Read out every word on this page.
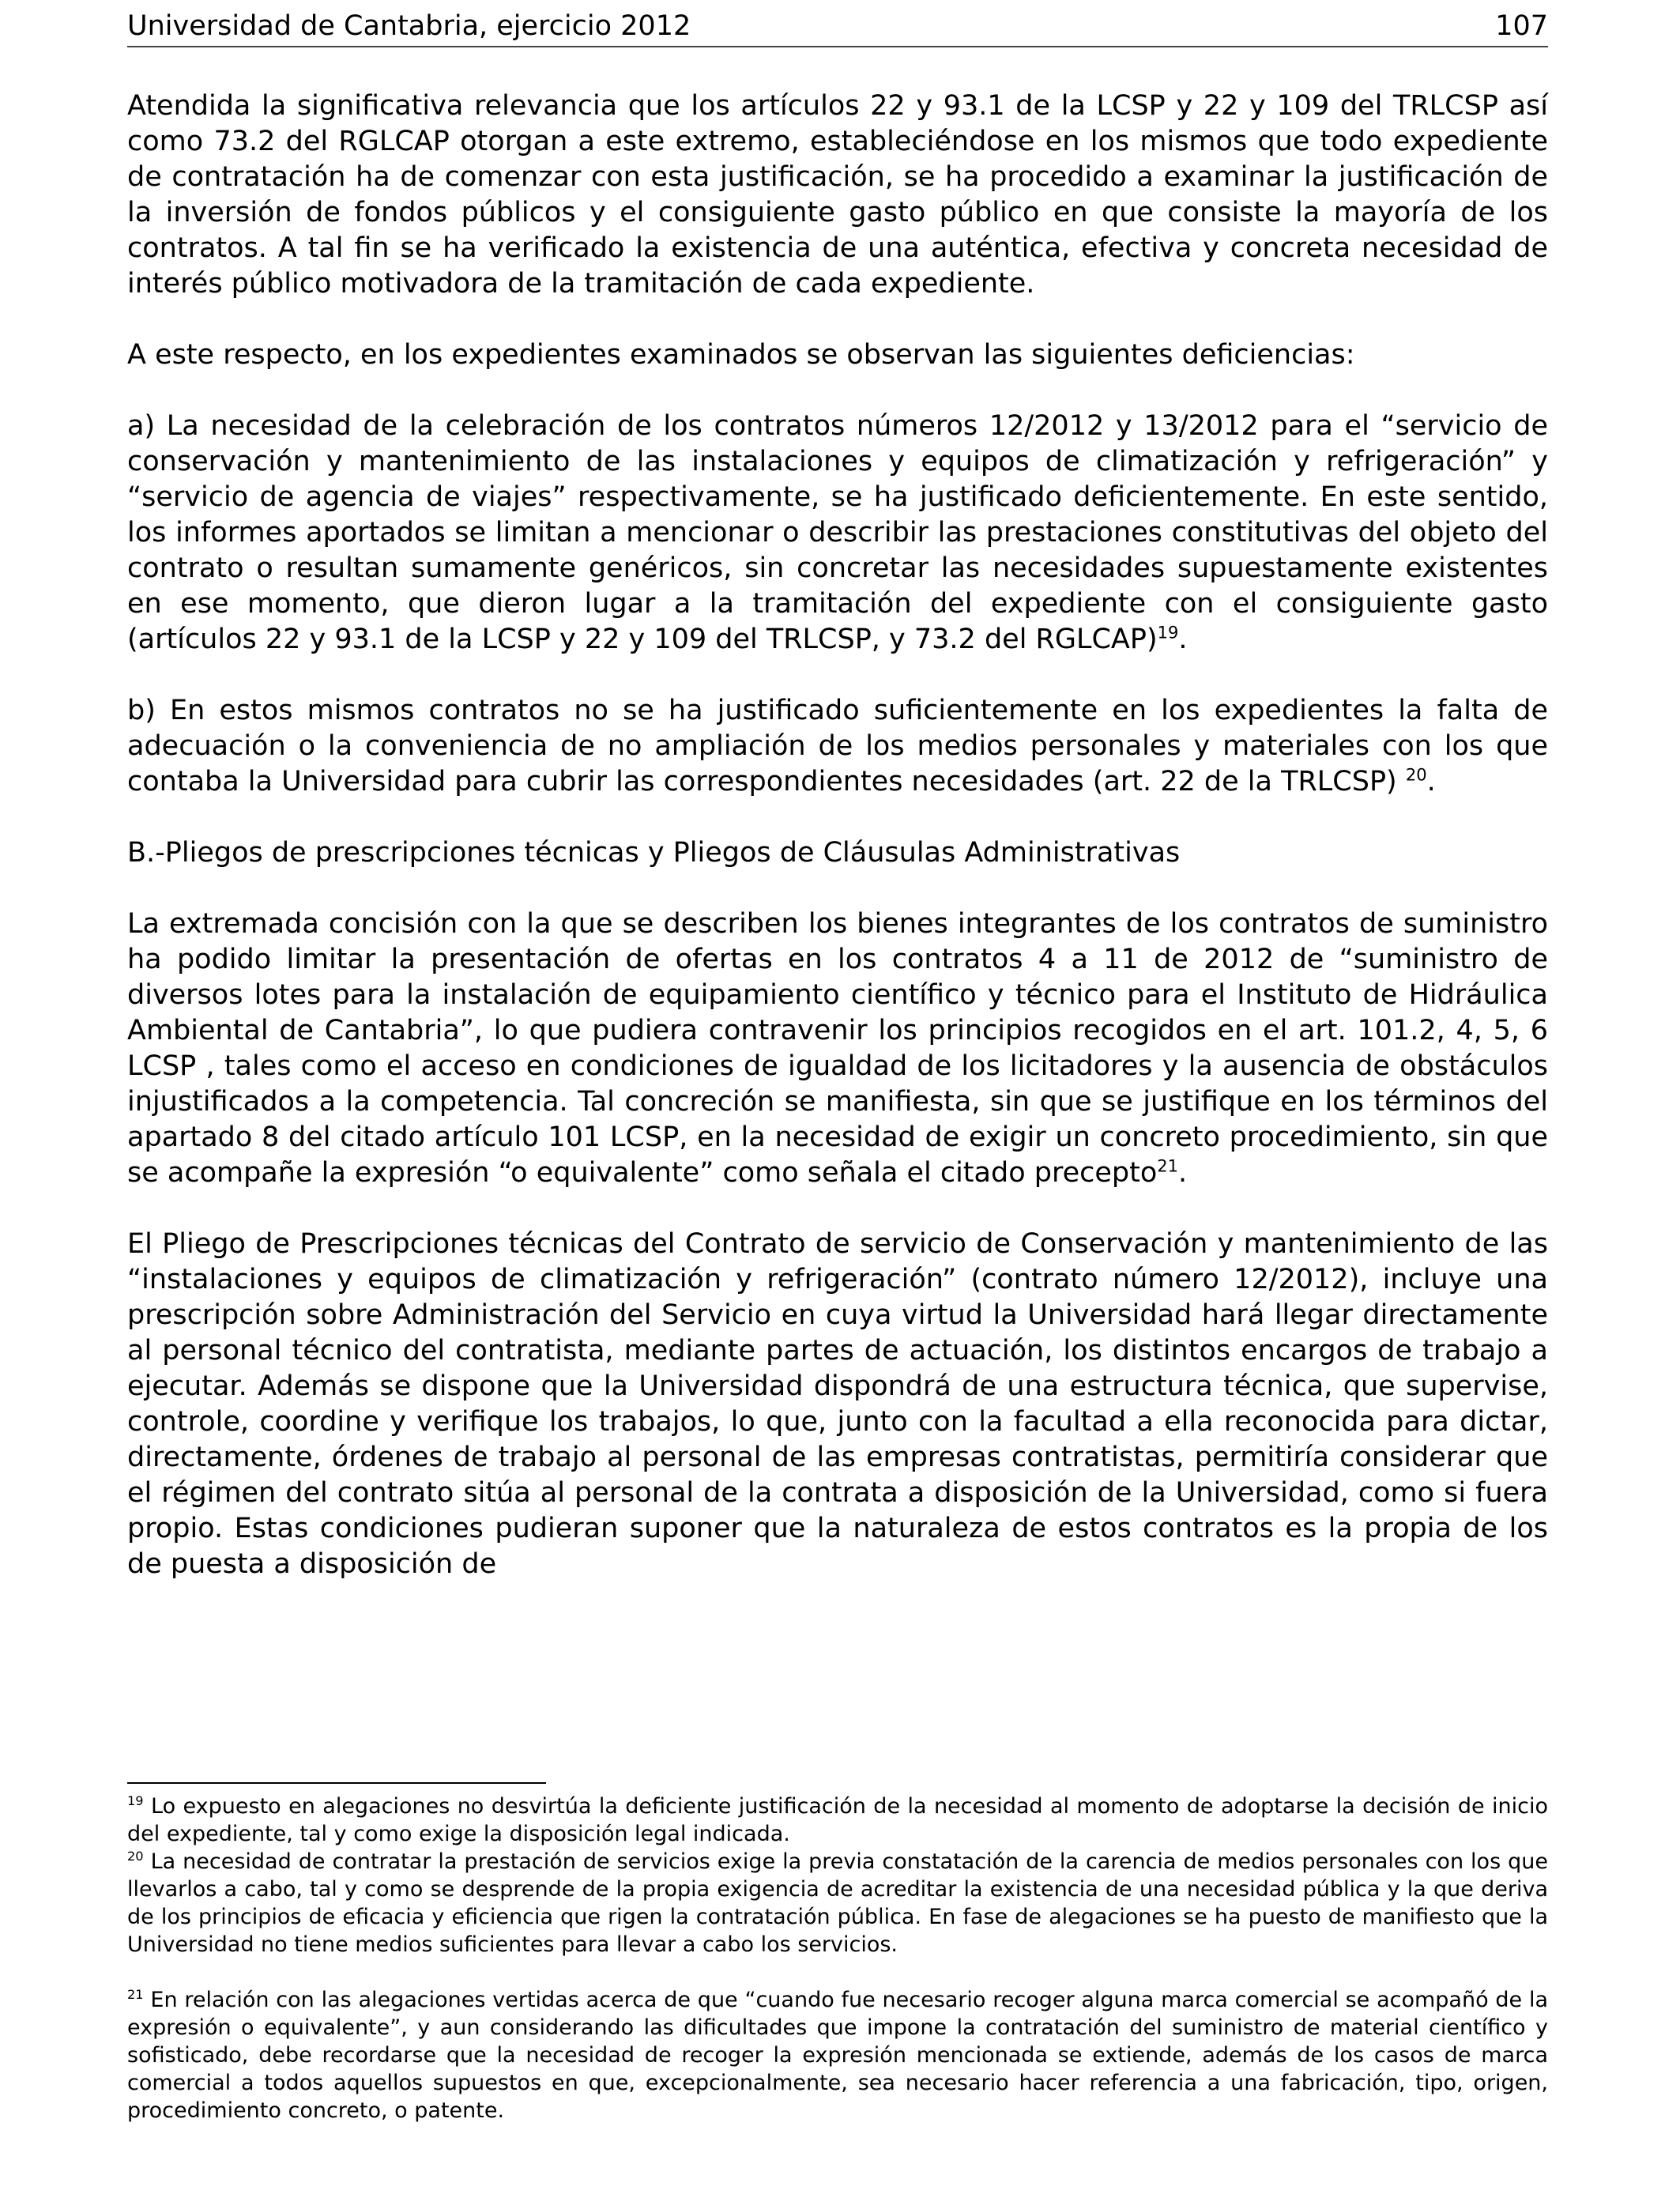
Universidad de Cantabria, ejercicio 2012	107

Atendida la significativa relevancia que los artículos 22 y 93.1 de la LCSP y 22 y 109 del TRLCSP así como 73.2 del RGLCAP otorgan a este extremo, estableciéndose en los mismos que todo expediente de contratación ha de comenzar con esta justificación, se ha procedido a examinar la justificación de la inversión de fondos públicos y el consiguiente gasto público en que consiste la mayoría de los contratos. A tal fin se ha verificado la existencia de una auténtica, efectiva y concreta necesidad de interés público motivadora de la tramitación de cada expediente.

A este respecto, en los expedientes examinados se observan las siguientes deficiencias:

a) La necesidad de la celebración de los contratos números 12/2012 y 13/2012 para el “servicio de conservación y mantenimiento de las instalaciones y equipos de climatización y refrigeración” y “servicio de agencia de viajes” respectivamente, se ha justificado deficientemente. En este sentido, los informes aportados se limitan a mencionar o describir las prestaciones constitutivas del objeto del contrato o resultan sumamente genéricos, sin concretar las necesidades supuestamente existentes en ese momento, que dieron lugar a la tramitación del expediente con el consiguiente gasto (artículos 22 y 93.1 de la LCSP y 22 y 109 del TRLCSP, y 73.2 del RGLCAP)$^{19}$.

b) En estos mismos contratos no se ha justificado suficientemente en los expedientes la falta de adecuación o la conveniencia de no ampliación de los medios personales y materiales con los que contaba la Universidad para cubrir las correspondientes necesidades (art. 22 de la TRLCSP) $^{20}$.

B.-Pliegos de prescripciones técnicas y Pliegos de Cláusulas Administrativas

La extremada concisión con la que se describen los bienes integrantes de los contratos de suministro ha podido limitar la presentación de ofertas en los contratos 4 a 11 de 2012 de “suministro de diversos lotes para la instalación de equipamiento científico y técnico para el Instituto de Hidráulica Ambiental de Cantabria”, lo que pudiera contravenir los principios recogidos en el art. 101.2, 4, 5, 6 LCSP , tales como el acceso en condiciones de igualdad de los licitadores y la ausencia de obstáculos injustificados a la competencia. Tal concreción se manifiesta, sin que se justifique en los términos del apartado 8 del citado artículo 101 LCSP, en la necesidad de exigir un concreto procedimiento, sin que se acompañe la expresión “o equivalente” como señala el citado precepto$^{21}$.

El Pliego de Prescripciones técnicas del Contrato de servicio de Conservación y mantenimiento de las “instalaciones y equipos de climatización y refrigeración” (contrato número 12/2012), incluye una prescripción sobre Administración del Servicio en cuya virtud la Universidad hará llegar directamente al personal técnico del contratista, mediante partes de actuación, los distintos encargos de trabajo a ejecutar. Además se dispone que la Universidad dispondrá de una estructura técnica, que supervise, controle, coordine y verifique los trabajos, lo que, junto con la facultad a ella reconocida para dictar, directamente, órdenes de trabajo al personal de las empresas contratistas, permitiría considerar que el régimen del contrato sitúa al personal de la contrata a disposición de la Universidad, como si fuera propio. Estas condiciones pudieran suponer que la naturaleza de estos contratos es la propia de los de puesta a disposición de

$^{19}$ Lo expuesto en alegaciones no desvirtúa la deficiente justificación de la necesidad al momento de adoptarse la decisión de inicio del expediente, tal y como exige la disposición legal indicada.

$^{20}$ La necesidad de contratar la prestación de servicios exige la previa constatación de la carencia de medios personales con los que llevarlos a cabo, tal y como se desprende de la propia exigencia de acreditar la existencia de una necesidad pública y la que deriva de los principios de eficacia y eficiencia que rigen la contratación pública. En fase de alegaciones se ha puesto de manifiesto que la Universidad no tiene medios suficientes para llevar a cabo los servicios.

$^{21}$ En relación con las alegaciones vertidas acerca de que “cuando fue necesario recoger alguna marca comercial se acompañó de la expresión o equivalente”, y aun considerando las dificultades que impone la contratación del suministro de material científico y sofisticado, debe recordarse que la necesidad de recoger la expresión mencionada se extiende, además de los casos de marca comercial a todos aquellos supuestos en que, excepcionalmente, sea necesario hacer referencia a una fabricación, tipo, origen, procedimiento concreto, o patente.
